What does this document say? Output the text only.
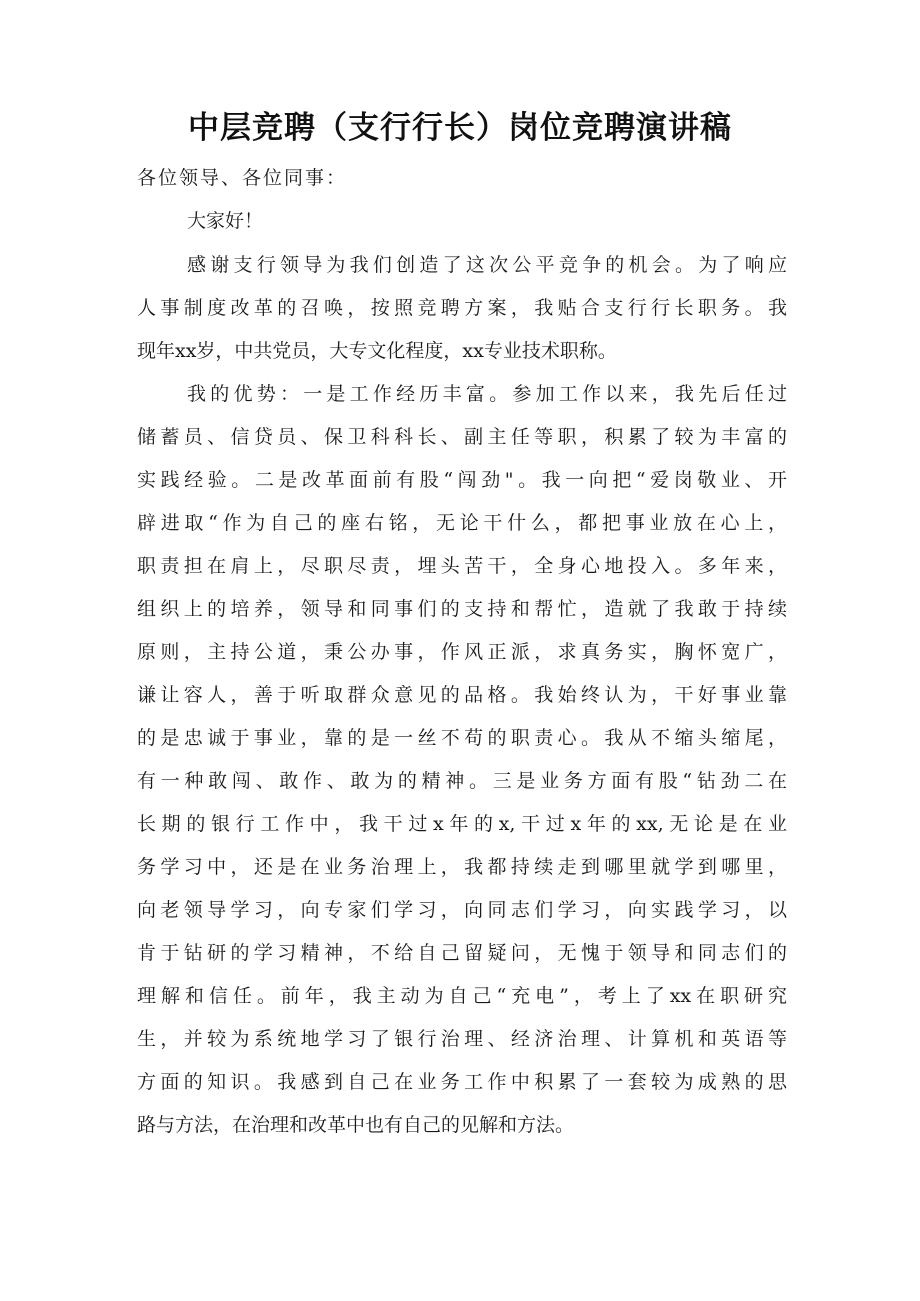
中层竞聘（支行行长）岗位竞聘演讲稿
各位领导、各位同事：
大家好！
感谢支行领导为我们创造了这次公平竞争的机会。为了响应
人事制度改革的召唤，按照竞聘方案，我贴合支行行长职务。我
现年xx岁，中共党员，大专文化程度，xx专业技术职称。
我的优势：一是工作经历丰富。参加工作以来，我先后任过
储蓄员、信贷员、保卫科科长、副主任等职，积累了较为丰富的
实践经验。二是改革面前有股“闯劲"。我一向把“爱岗敬业、开
辟进取“作为自己的座右铭，无论干什么，都把事业放在心上，
职责担在肩上，尽职尽责，埋头苦干，全身心地投入。多年来，
组织上的培养，领导和同事们的支持和帮忙，造就了我敢于持续
原则，主持公道，秉公办事，作风正派，求真务实，胸怀宽广，
谦让容人，善于听取群众意见的品格。我始终认为，干好事业靠
的是忠诚于事业，靠的是一丝不苟的职责心。我从不缩头缩尾，
有一种敢闯、敢作、敢为的精神。三是业务方面有股“钻劲二在
长期的银行工作中，我干过x年的x,干过x年的xx,无论是在业
务学习中，还是在业务治理上，我都持续走到哪里就学到哪里，
向老领导学习，向专家们学习，向同志们学习，向实践学习，以
肯于钻研的学习精神，不给自己留疑问，无愧于领导和同志们的
理解和信任。前年，我主动为自己“充电”，考上了xx在职研究
生，并较为系统地学习了银行治理、经济治理、计算机和英语等
方面的知识。我感到自己在业务工作中积累了一套较为成熟的思
路与方法，在治理和改革中也有自己的见解和方法。
